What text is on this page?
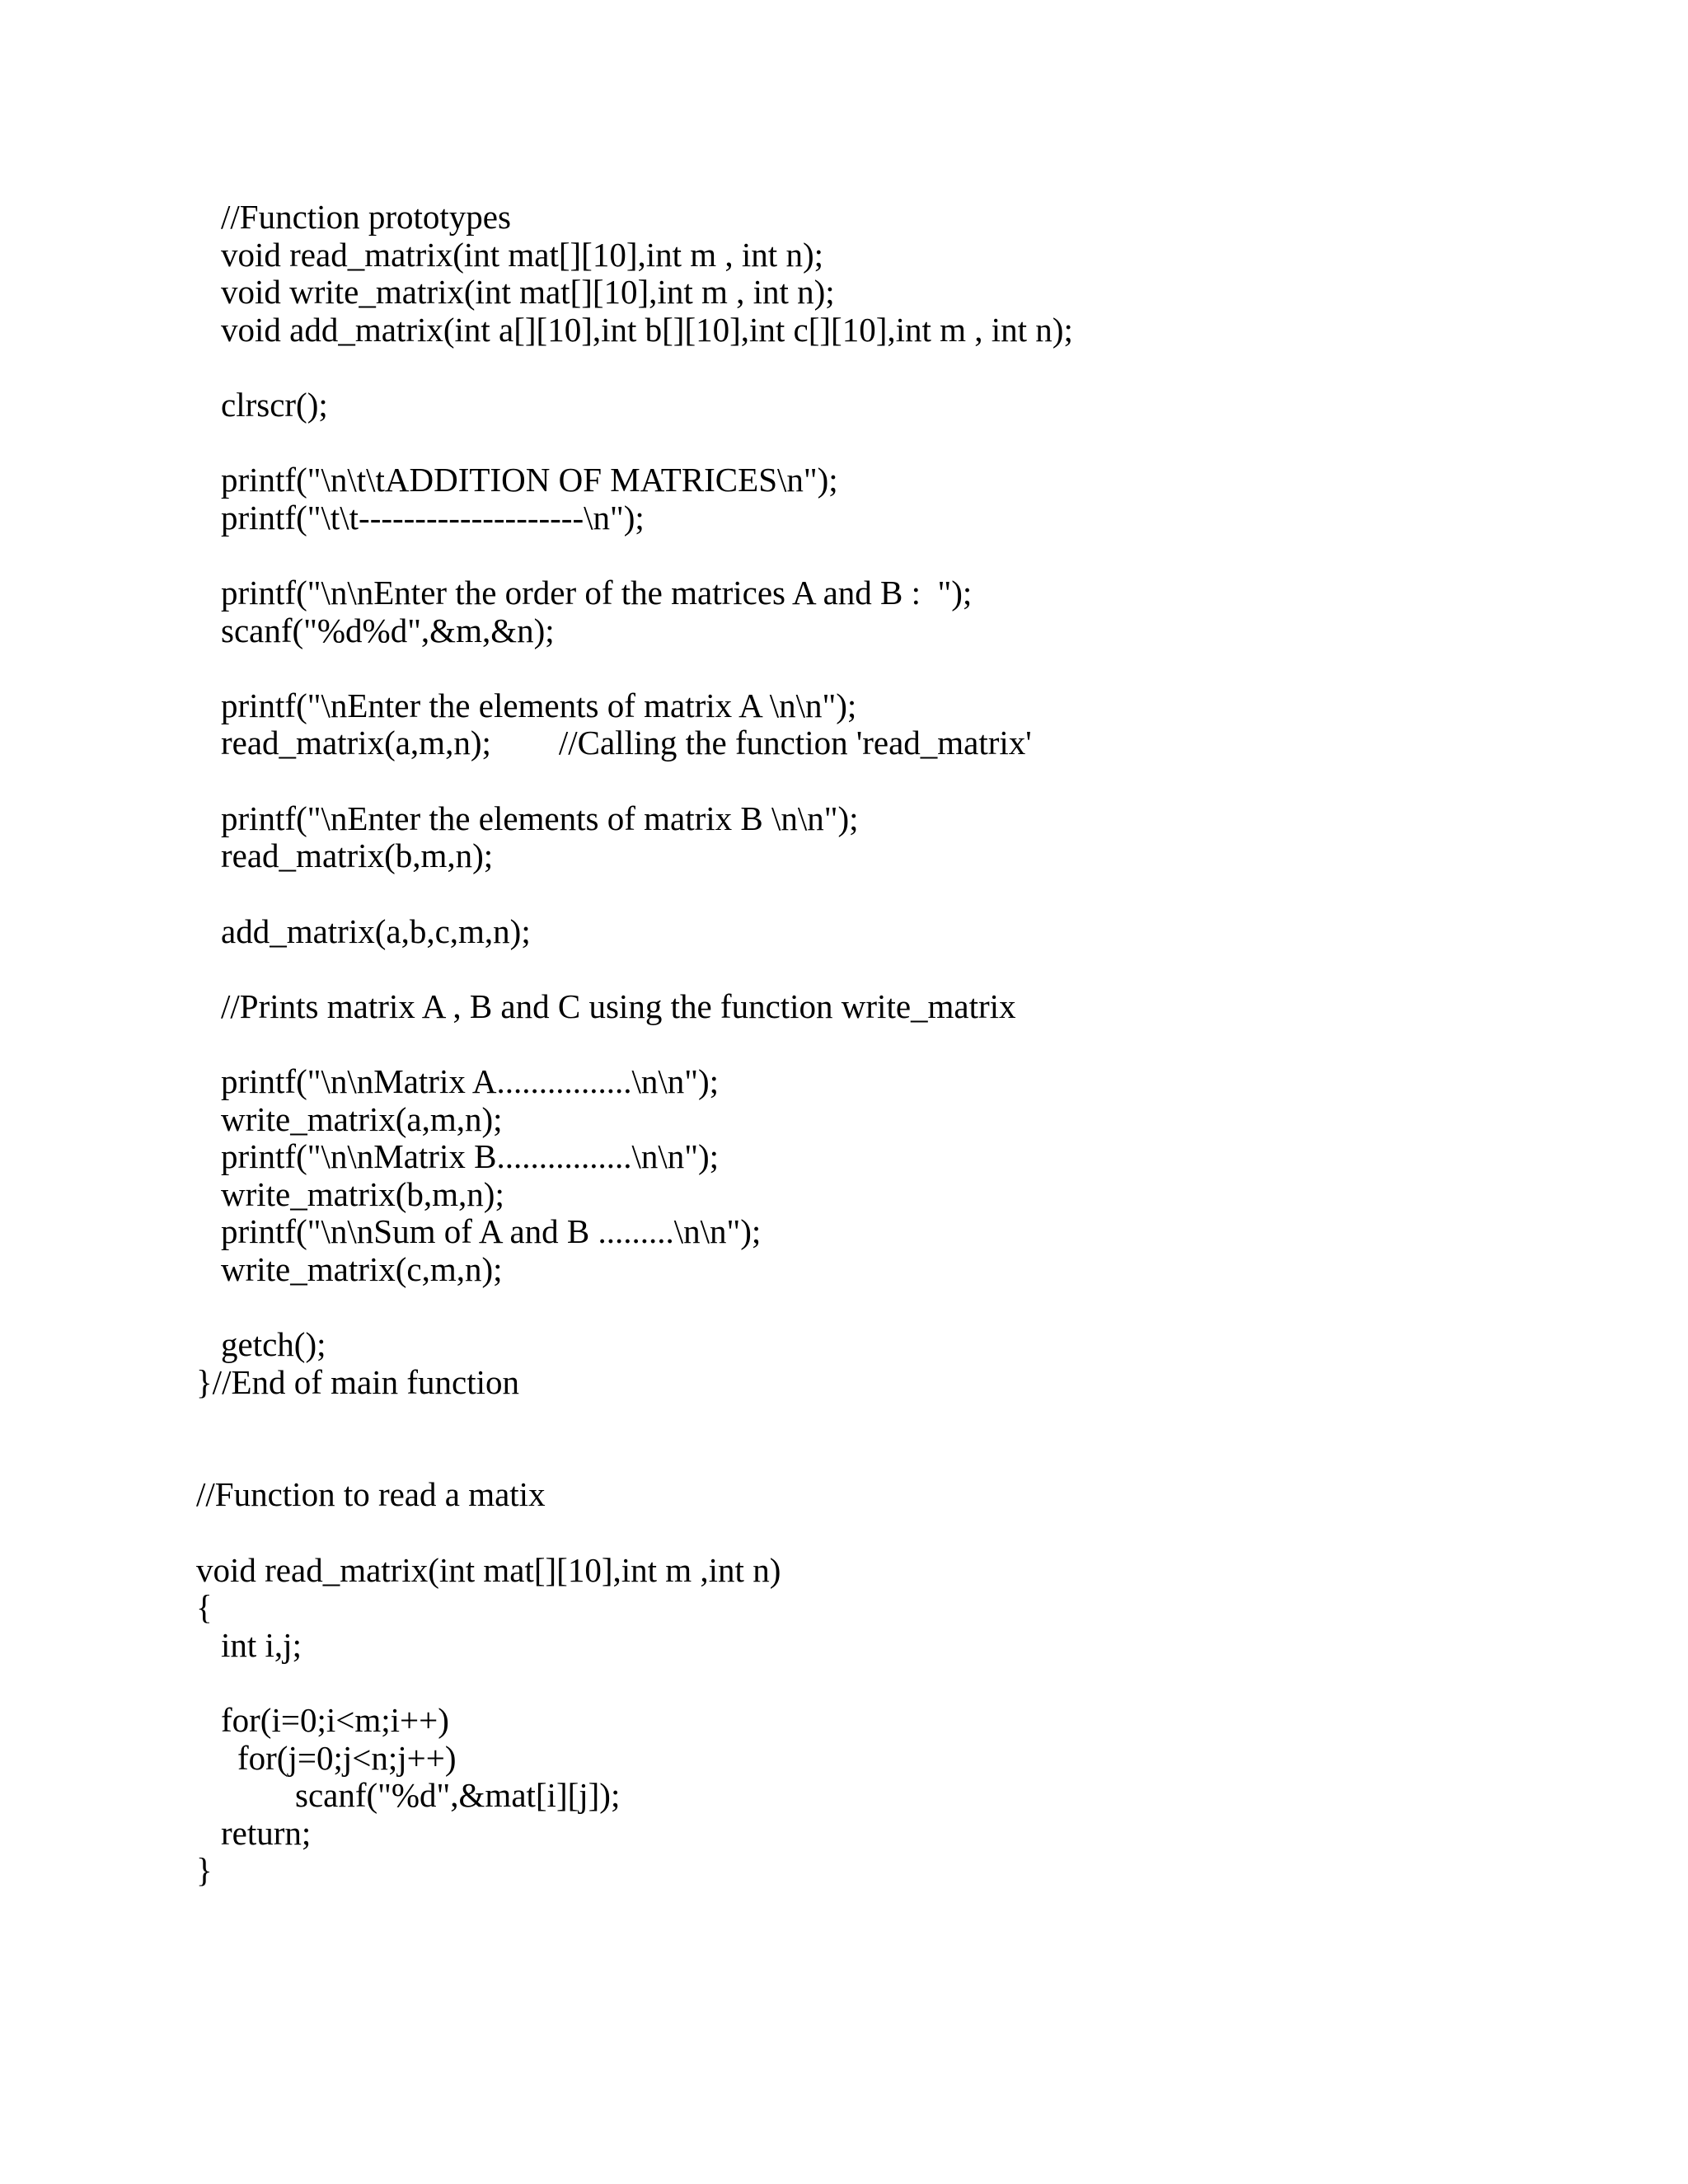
//Function prototypes
void read_matrix(int mat[][10],int m , int n);
void write_matrix(int mat[][10],int m , int n);
void add_matrix(int a[][10],int b[][10],int c[][10],int m , int n);
clrscr();
printf("\n\t\tADDITION OF MATRICES\n");
printf("\t\t--------------------\n");
printf("\n\nEnter the order of the matrices A and B :  ");
scanf("%d%d",&m,&n);
printf("\nEnter the elements of matrix A \n\n");
read_matrix(a,m,n);        //Calling the function 'read_matrix'
printf("\nEnter the elements of matrix B \n\n");
read_matrix(b,m,n);
add_matrix(a,b,c,m,n);
//Prints matrix A , B and C using the function write_matrix
printf("\n\nMatrix A................\n\n");
write_matrix(a,m,n);
printf("\n\nMatrix B................\n\n");
write_matrix(b,m,n);
printf("\n\nSum of A and B .........\n\n");
write_matrix(c,m,n);
getch();
}//End of main function
//Function to read a matix
void read_matrix(int mat[][10],int m ,int n)
{
int i,j;
for(i=0;i<m;i++)
for(j=0;j<n;j++)
scanf("%d",&mat[i][j]);
return;
}
